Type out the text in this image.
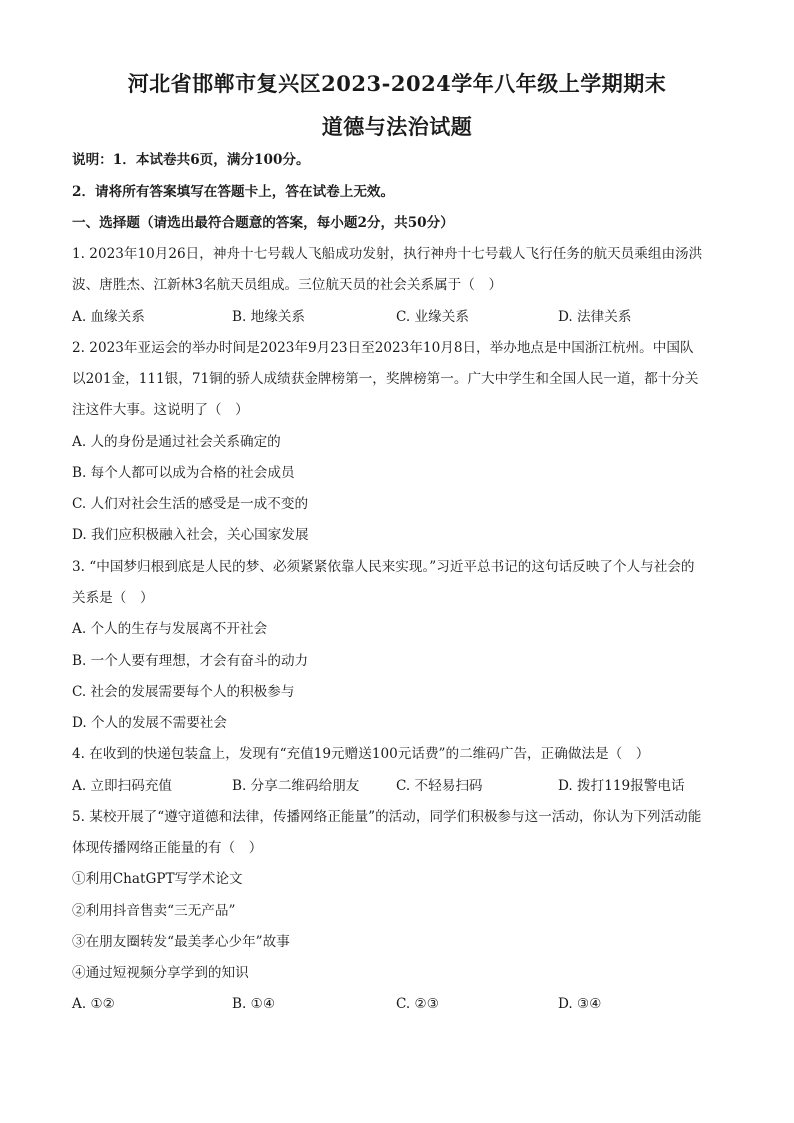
河北省邯郸市复兴区2023-2024学年八年级上学期期末
道德与法治试题
说明：1．本试卷共6页，满分100分。
2．请将所有答案填写在答题卡上，答在试卷上无效。
一、选择题（请选出最符合题意的答案，每小题2分，共50分）
1. 2023年10月26日，神舟十七号载人飞船成功发射，执行神舟十七号载人飞行任务的航天员乘组由汤洪
波、唐胜杰、江新林3名航天员组成。三位航天员的社会关系属于（　）
A. 血缘关系	B. 地缘关系	C. 业缘关系	D. 法律关系
2. 2023年亚运会的举办时间是2023年9月23日至2023年10月8日，举办地点是中国浙江杭州。中国队
以201金，111银，71铜的骄人成绩获金牌榜第一，奖牌榜第一。广大中学生和全国人民一道，都十分关
注这件大事。这说明了（　）
A. 人的身份是通过社会关系确定的
B. 每个人都可以成为合格的社会成员
C. 人们对社会生活的感受是一成不变的
D. 我们应积极融入社会，关心国家发展
3. “中国梦归根到底是人民的梦、必须紧紧依靠人民来实现。”习近平总书记的这句话反映了个人与社会的
关系是（　）
A. 个人的生存与发展离不开社会
B. 一个人要有理想，才会有奋斗的动力
C. 社会的发展需要每个人的积极参与
D. 个人的发展不需要社会
4. 在收到的快递包装盒上，发现有“充值19元赠送100元话费”的二维码广告，正确做法是（　）
A. 立即扫码充值	B. 分享二维码给朋友	C. 不轻易扫码	D. 拨打119报警电话
5. 某校开展了“遵守道德和法律，传播网络正能量”的活动，同学们积极参与这一活动，你认为下列活动能
体现传播网络正能量的有（　）
①利用ChatGPT写学术论文
②利用抖音售卖“三无产品”
③在朋友圈转发“最美孝心少年”故事
④通过短视频分享学到的知识
A. ①②	B. ①④	C. ②③	D. ③④
